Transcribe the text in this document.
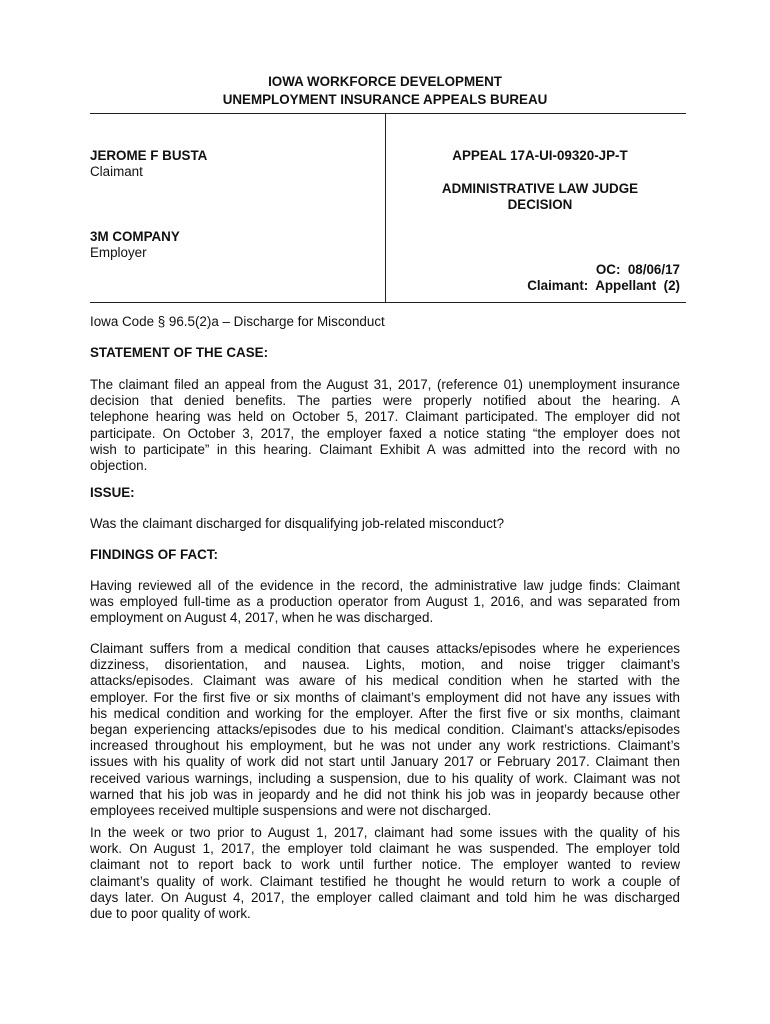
IOWA WORKFORCE DEVELOPMENT
UNEMPLOYMENT INSURANCE APPEALS BUREAU
JEROME F BUSTA
Claimant
3M COMPANY
Employer
APPEAL 17A-UI-09320-JP-T
ADMINISTRATIVE LAW JUDGE
DECISION
OC:  08/06/17
Claimant:  Appellant  (2)
Iowa Code § 96.5(2)a – Discharge for Misconduct
STATEMENT OF THE CASE:
The claimant filed an appeal from the August 31, 2017, (reference 01) unemployment insurance
decision that denied benefits. The parties were properly notified about the hearing. A
telephone hearing was held on October 5, 2017. Claimant participated. The employer did not
participate. On October 3, 2017, the employer faxed a notice stating “the employer does not
wish to participate” in this hearing. Claimant Exhibit A was admitted into the record with no
objection.
ISSUE:
Was the claimant discharged for disqualifying job-related misconduct?
FINDINGS OF FACT:
Having reviewed all of the evidence in the record, the administrative law judge finds: Claimant
was employed full-time as a production operator from August 1, 2016, and was separated from
employment on August 4, 2017, when he was discharged.
Claimant suffers from a medical condition that causes attacks/episodes where he experiences
dizziness, disorientation, and nausea. Lights, motion, and noise trigger claimant’s
attacks/episodes. Claimant was aware of his medical condition when he started with the
employer. For the first five or six months of claimant’s employment did not have any issues with
his medical condition and working for the employer. After the first five or six months, claimant
began experiencing attacks/episodes due to his medical condition. Claimant’s attacks/episodes
increased throughout his employment, but he was not under any work restrictions. Claimant’s
issues with his quality of work did not start until January 2017 or February 2017. Claimant then
received various warnings, including a suspension, due to his quality of work. Claimant was not
warned that his job was in jeopardy and he did not think his job was in jeopardy because other
employees received multiple suspensions and were not discharged.
In the week or two prior to August 1, 2017, claimant had some issues with the quality of his
work. On August 1, 2017, the employer told claimant he was suspended. The employer told
claimant not to report back to work until further notice. The employer wanted to review
claimant’s quality of work. Claimant testified he thought he would return to work a couple of
days later. On August 4, 2017, the employer called claimant and told him he was discharged
due to poor quality of work.
